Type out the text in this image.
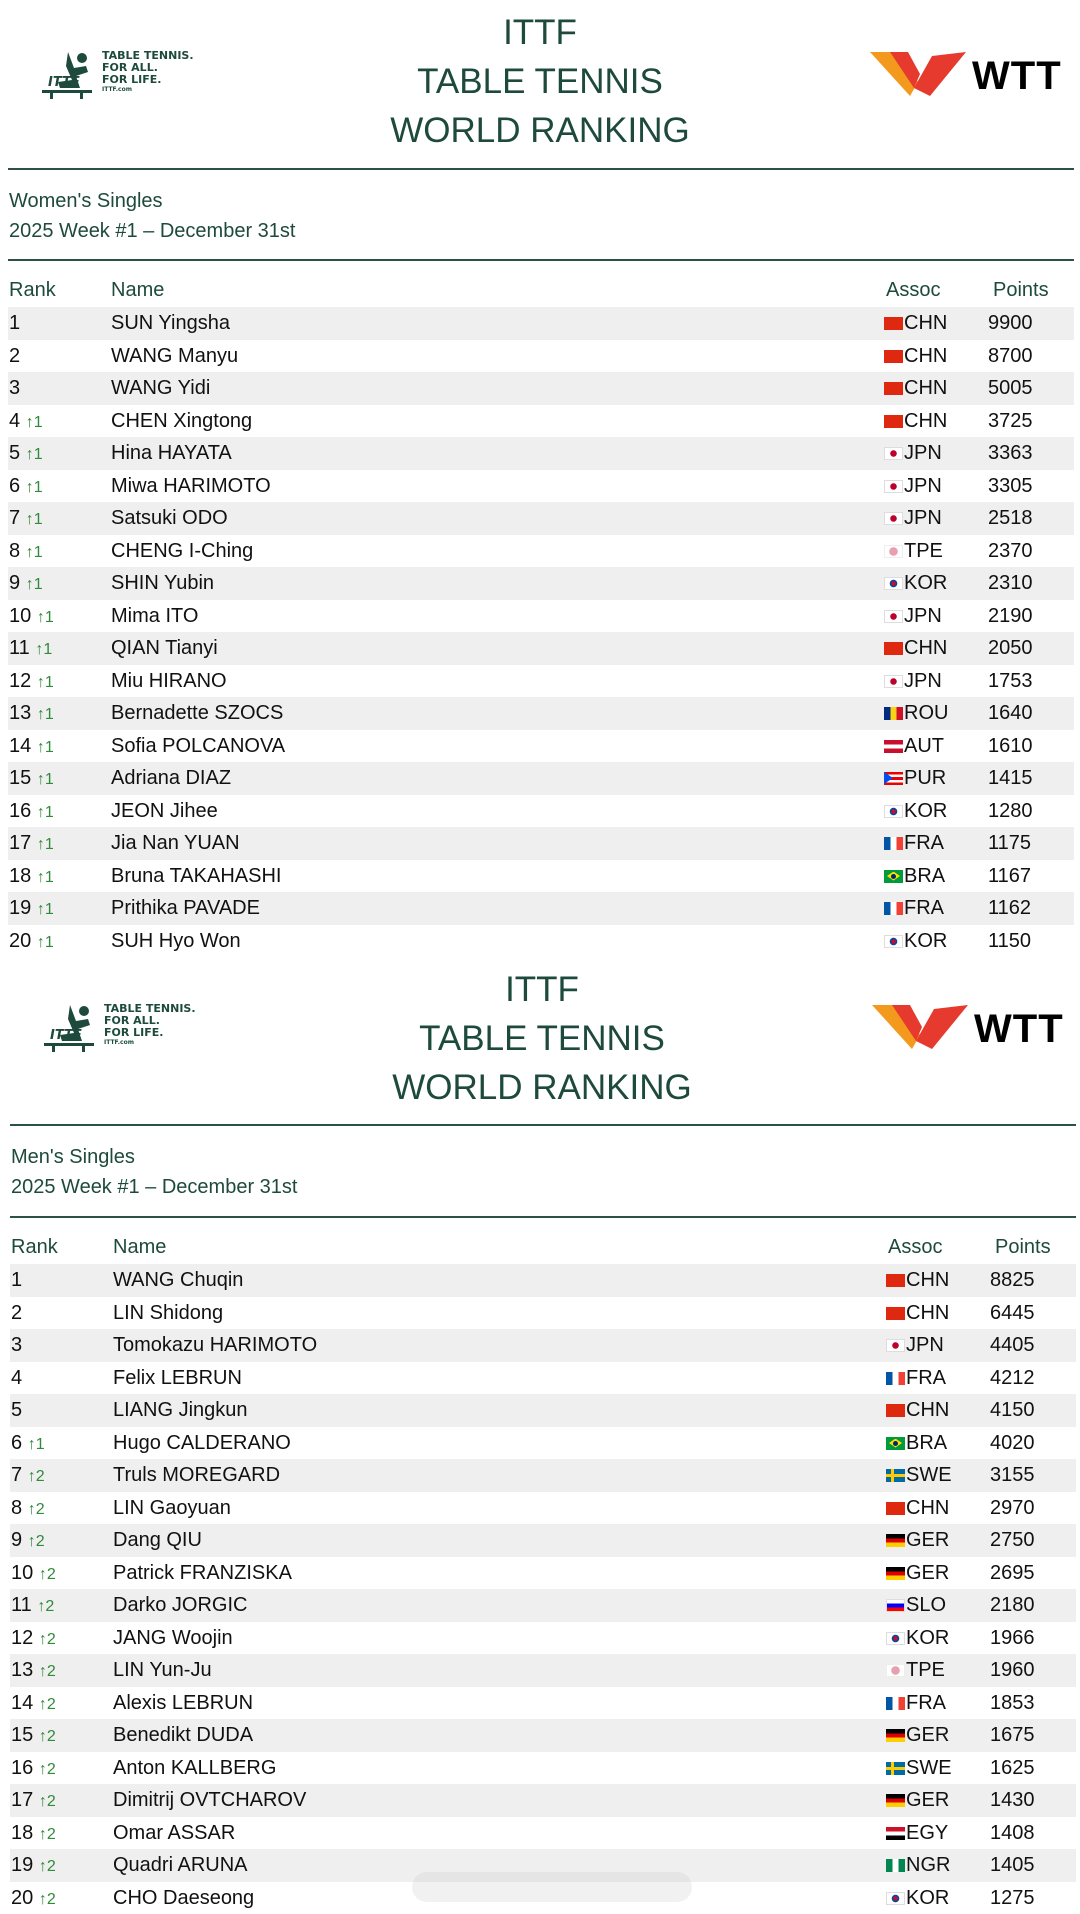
ITTF
TABLE TENNIS.
FOR ALL.
FOR LIFE.
ITTF.com	WTT
ITTF
TABLE TENNIS
WORLD RANKING
Women's Singles
2025 Week #1 – December 31st
Rank	Name	Assoc	Points
1	SUN Yingsha	CHN 9900
2	WANG Manyu	CHN 8700
3	WANG Yidi	CHN 5005
4 ↑1	CHEN Xingtong	CHN 3725
5 ↑1	Hina HAYATA	JPN 3363
6 ↑1	Miwa HARIMOTO	JPN 3305
7 ↑1	Satsuki ODO	JPN 2518
8 ↑1	CHENG I-Ching	TPE 2370
9 ↑1	SHIN Yubin	KOR 2310
10 ↑1	Mima ITO	JPN 2190
11 ↑1	QIAN Tianyi	CHN 2050
12 ↑1	Miu HIRANO	JPN 1753
13 ↑1	Bernadette SZOCS	ROU 1640
14 ↑1	Sofia POLCANOVA	AUT 1610
15 ↑1	Adriana DIAZ	PUR 1415
16 ↑1	JEON Jihee	KOR 1280
17 ↑1	Jia Nan YUAN	FRA 1175
18 ↑1	Bruna TAKAHASHI	BRA 1167
19 ↑1	Prithika PAVADE	FRA 1162
20 ↑1	SUH Hyo Won	KOR 1150
ITTF
TABLE TENNIS.
FOR ALL.
FOR LIFE.
ITTF.com	WTT
ITTF
TABLE TENNIS
WORLD RANKING
Men's Singles
2025 Week #1 – December 31st
Rank	Name	Assoc	Points
1	WANG Chuqin	CHN 8825
2	LIN Shidong	CHN 6445
3	Tomokazu HARIMOTO	JPN 4405
4	Felix LEBRUN	FRA 4212
5	LIANG Jingkun	CHN 4150
6 ↑1	Hugo CALDERANO	BRA 4020
7 ↑2	Truls MOREGARD	SWE 3155
8 ↑2	LIN Gaoyuan	CHN 2970
9 ↑2	Dang QIU	GER 2750
10 ↑2	Patrick FRANZISKA	GER 2695
11 ↑2	Darko JORGIC	SLO 2180
12 ↑2	JANG Woojin	KOR 1966
13 ↑2	LIN Yun-Ju	TPE 1960
14 ↑2	Alexis LEBRUN	FRA 1853
15 ↑2	Benedikt DUDA	GER 1675
16 ↑2	Anton KALLBERG	SWE 1625
17 ↑2	Dimitrij OVTCHAROV	GER 1430
18 ↑2	Omar ASSAR	EGY 1408
19 ↑2	Quadri ARUNA	NGR 1405
20 ↑2	CHO Daeseong	KOR 1275
